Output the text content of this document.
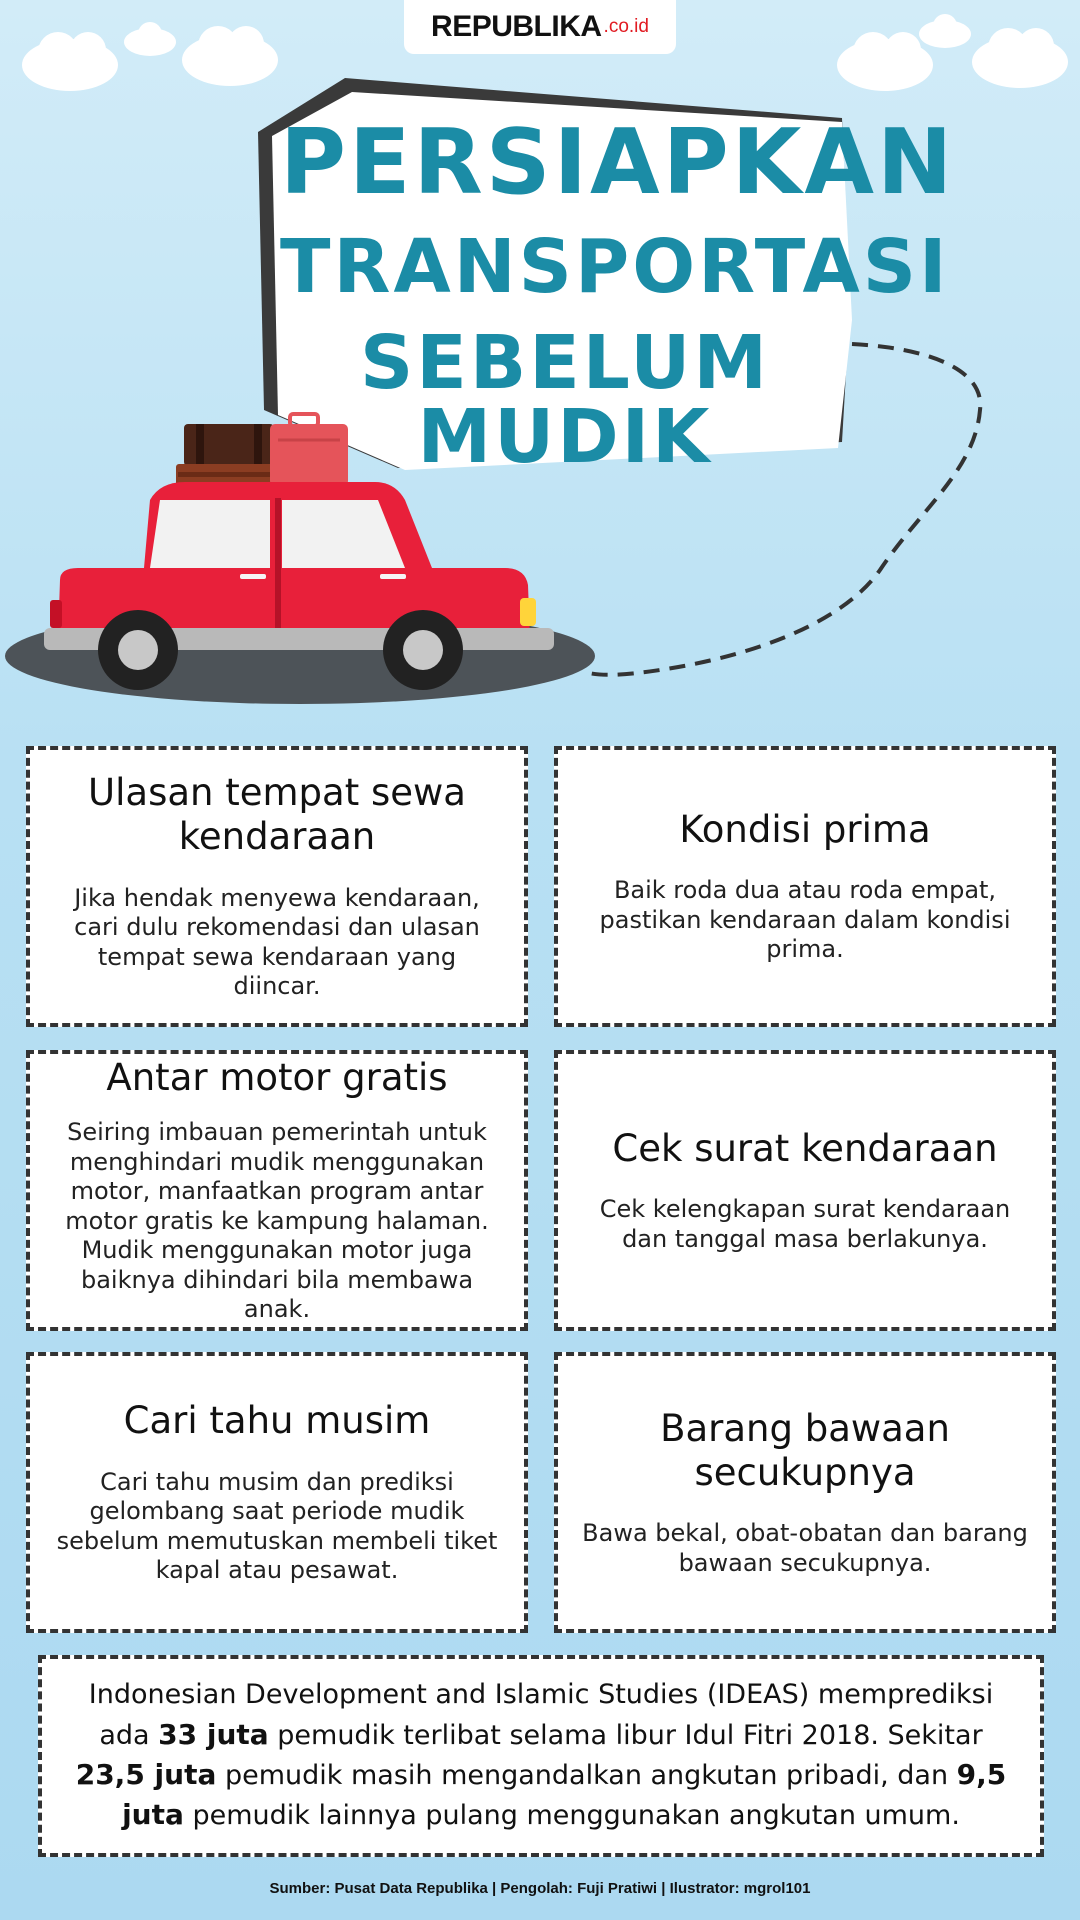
REPUBLIKA .co.id
PERSIAPKAN
TRANSPORTASI
SEBELUM MUDIK
Ulasan tempat sewa kendaraan

Jika hendak menyewa kendaraan, cari dulu rekomendasi dan ulasan tempat sewa kendaraan yang diincar.

Kondisi prima

Baik roda dua atau roda empat, pastikan kendaraan dalam kondisi prima.

Antar motor gratis

Seiring imbauan pemerintah untuk menghindari mudik menggunakan motor, manfaatkan program antar motor gratis ke kampung halaman. Mudik menggunakan motor juga baiknya dihindari bila membawa anak.

Cek surat kendaraan

Cek kelengkapan surat kendaraan dan tanggal masa berlakunya.

Cari tahu musim

Cari tahu musim dan prediksi gelombang saat periode mudik sebelum memutuskan membeli tiket kapal atau pesawat.

Barang bawaan secukupnya

Bawa bekal, obat-obatan dan barang bawaan secukupnya.

Indonesian Development and Islamic Studies (IDEAS) memprediksi ada 33 juta pemudik terlibat selama libur Idul Fitri 2018. Sekitar 23,5 juta pemudik masih mengandalkan angkutan pribadi, dan 9,5 juta pemudik lainnya pulang menggunakan angkutan umum.
Sumber: Pusat Data Republika | Pengolah: Fuji Pratiwi | Ilustrator: mgrol101
